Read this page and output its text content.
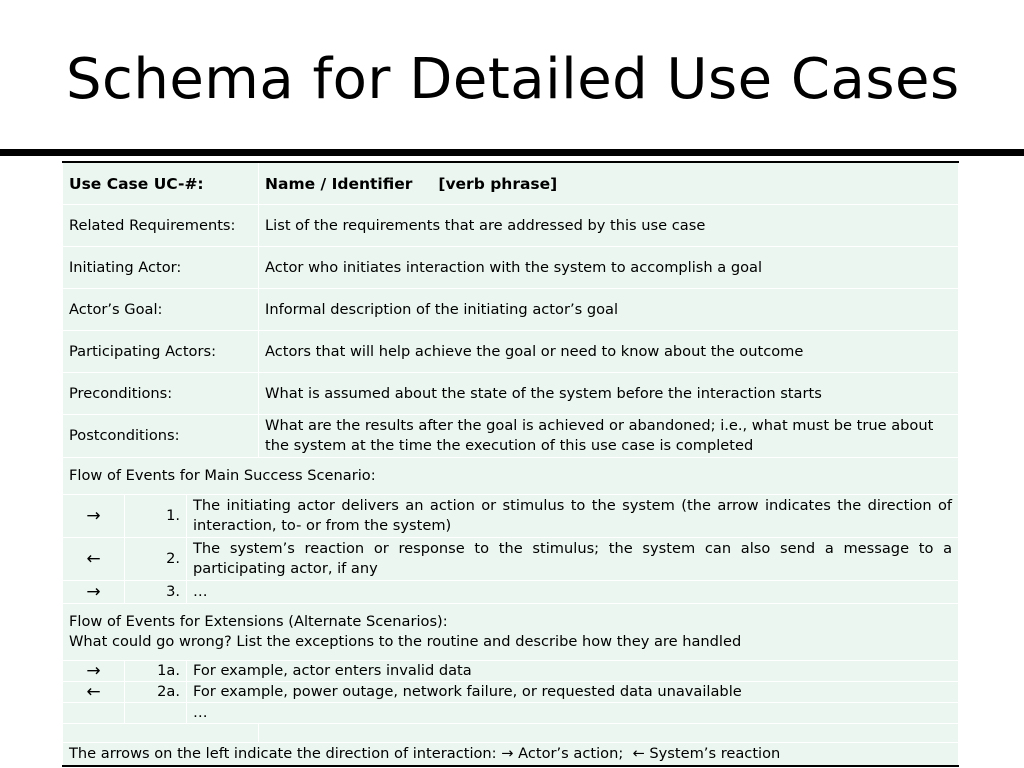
Schema for Detailed Use Cases
Use Case UC-#:			Name / Identifier [verb phrase]
Related Requirements:			List of the requirements that are addressed by this use case
Initiating Actor:			Actor who initiates interaction with the system to accomplish a goal
Actor’s Goal:			Informal description of the initiating actor’s goal
Participating Actors:			Actors that will help achieve the goal or need to know about the outcome
Preconditions:			What is assumed about the state of the system before the interaction starts
Postconditions:			What are the results after the goal is achieved or abandoned; i.e., what must be true about the system at the time the execution of this use case is completed
Flow of Events for Main Success Scenario:			
→	1.	The initiating actor delivers an action or stimulus to the system (the arrow indicates the direction of interaction, to- or from the system)	
←	2.	The system’s reaction or response to the stimulus; the system can also send a message to a participating actor, if any	
→	3.	…	

Flow of Events for Extensions (Alternate Scenarios):
What could go wrong? List the exceptions to the routine and describe how they are handled			

→	1a.	For example, actor enters invalid data	
←	2a.	For example, power outage, network failure, or requested data unavailable	
		…	

The arrows on the left indicate the direction of interaction: → Actor’s action; ← System’s reaction			
